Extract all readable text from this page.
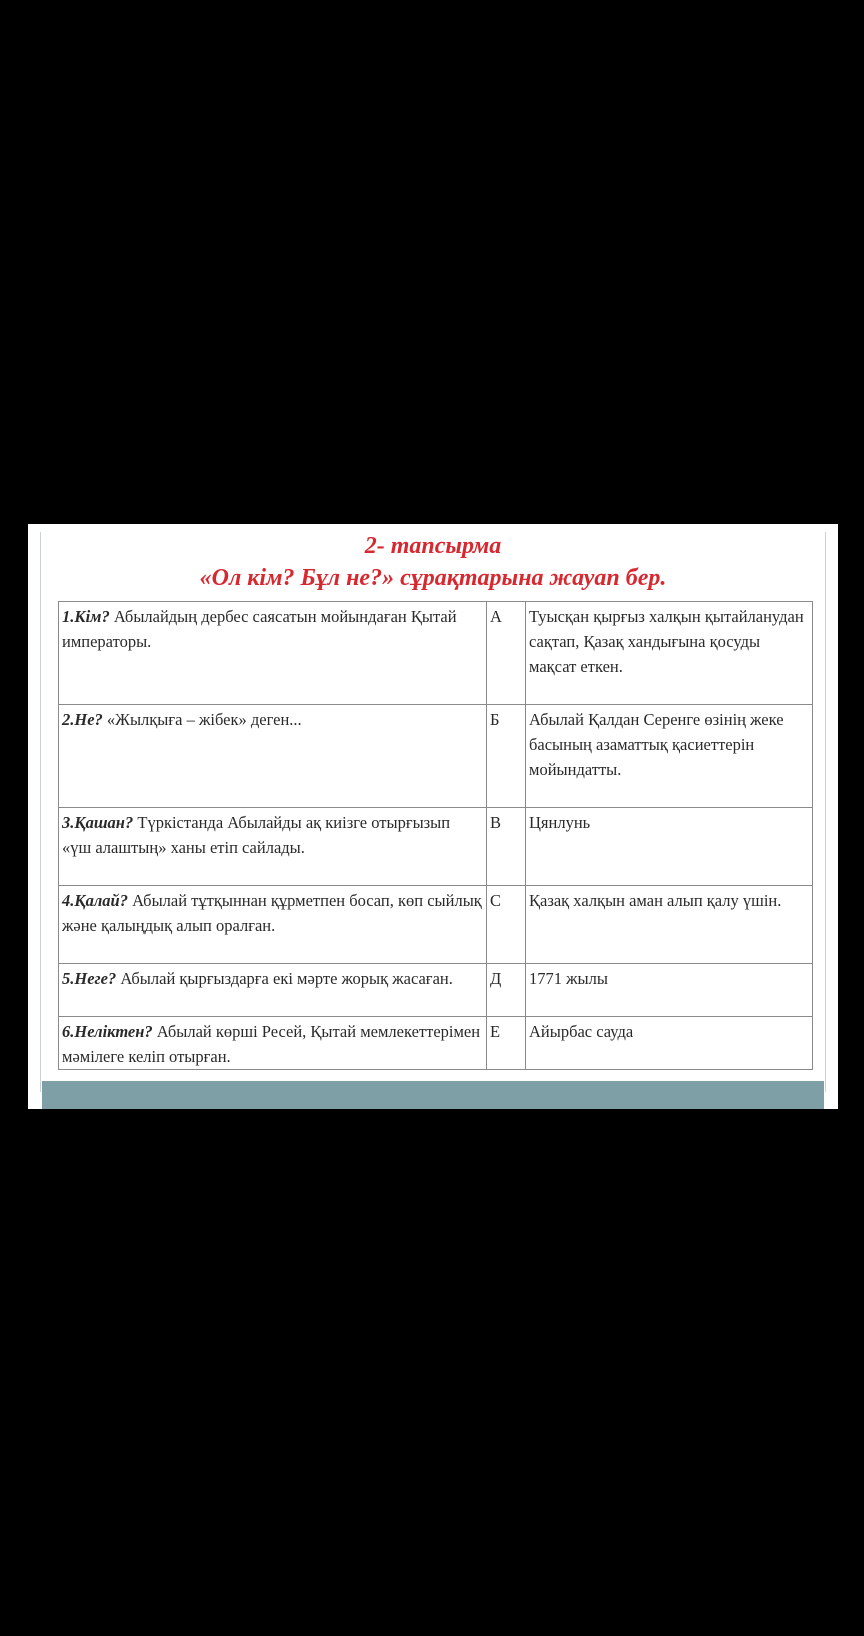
2- тапсырма
«Ол кім? Бұл не?» сұрақтарына жауап бер.
1.Кім? Абылайдың дербес саясатын мойындаған Қытай императоры.	А	Туысқан қырғыз халқын қытайланудан сақтап, Қазақ хандығына қосуды мақсат еткен.
2.Не? «Жылқыға – жібек» деген...	Б	Абылай Қалдан Серенге өзінің жеке басының азаматтық қасиеттерін мойындатты.
3.Қашан? Түркістанда Абылайды ақ киізге отырғызып «үш алаштың» ханы етіп сайлады.	В	Цянлунь
4.Қалай? Абылай тұтқыннан құрметпен босап, көп сыйлық және қалыңдық алып оралған.	С	Қазақ халқын аман алып қалу үшін.
5.Неге? Абылай қырғыздарға екі мәрте жорық жасаған.	Д	1771 жылы
6.Неліктен? Абылай көрші Ресей, Қытай мемлекеттерімен мәмілеге келіп отырған.	Е	Айырбас сауда
